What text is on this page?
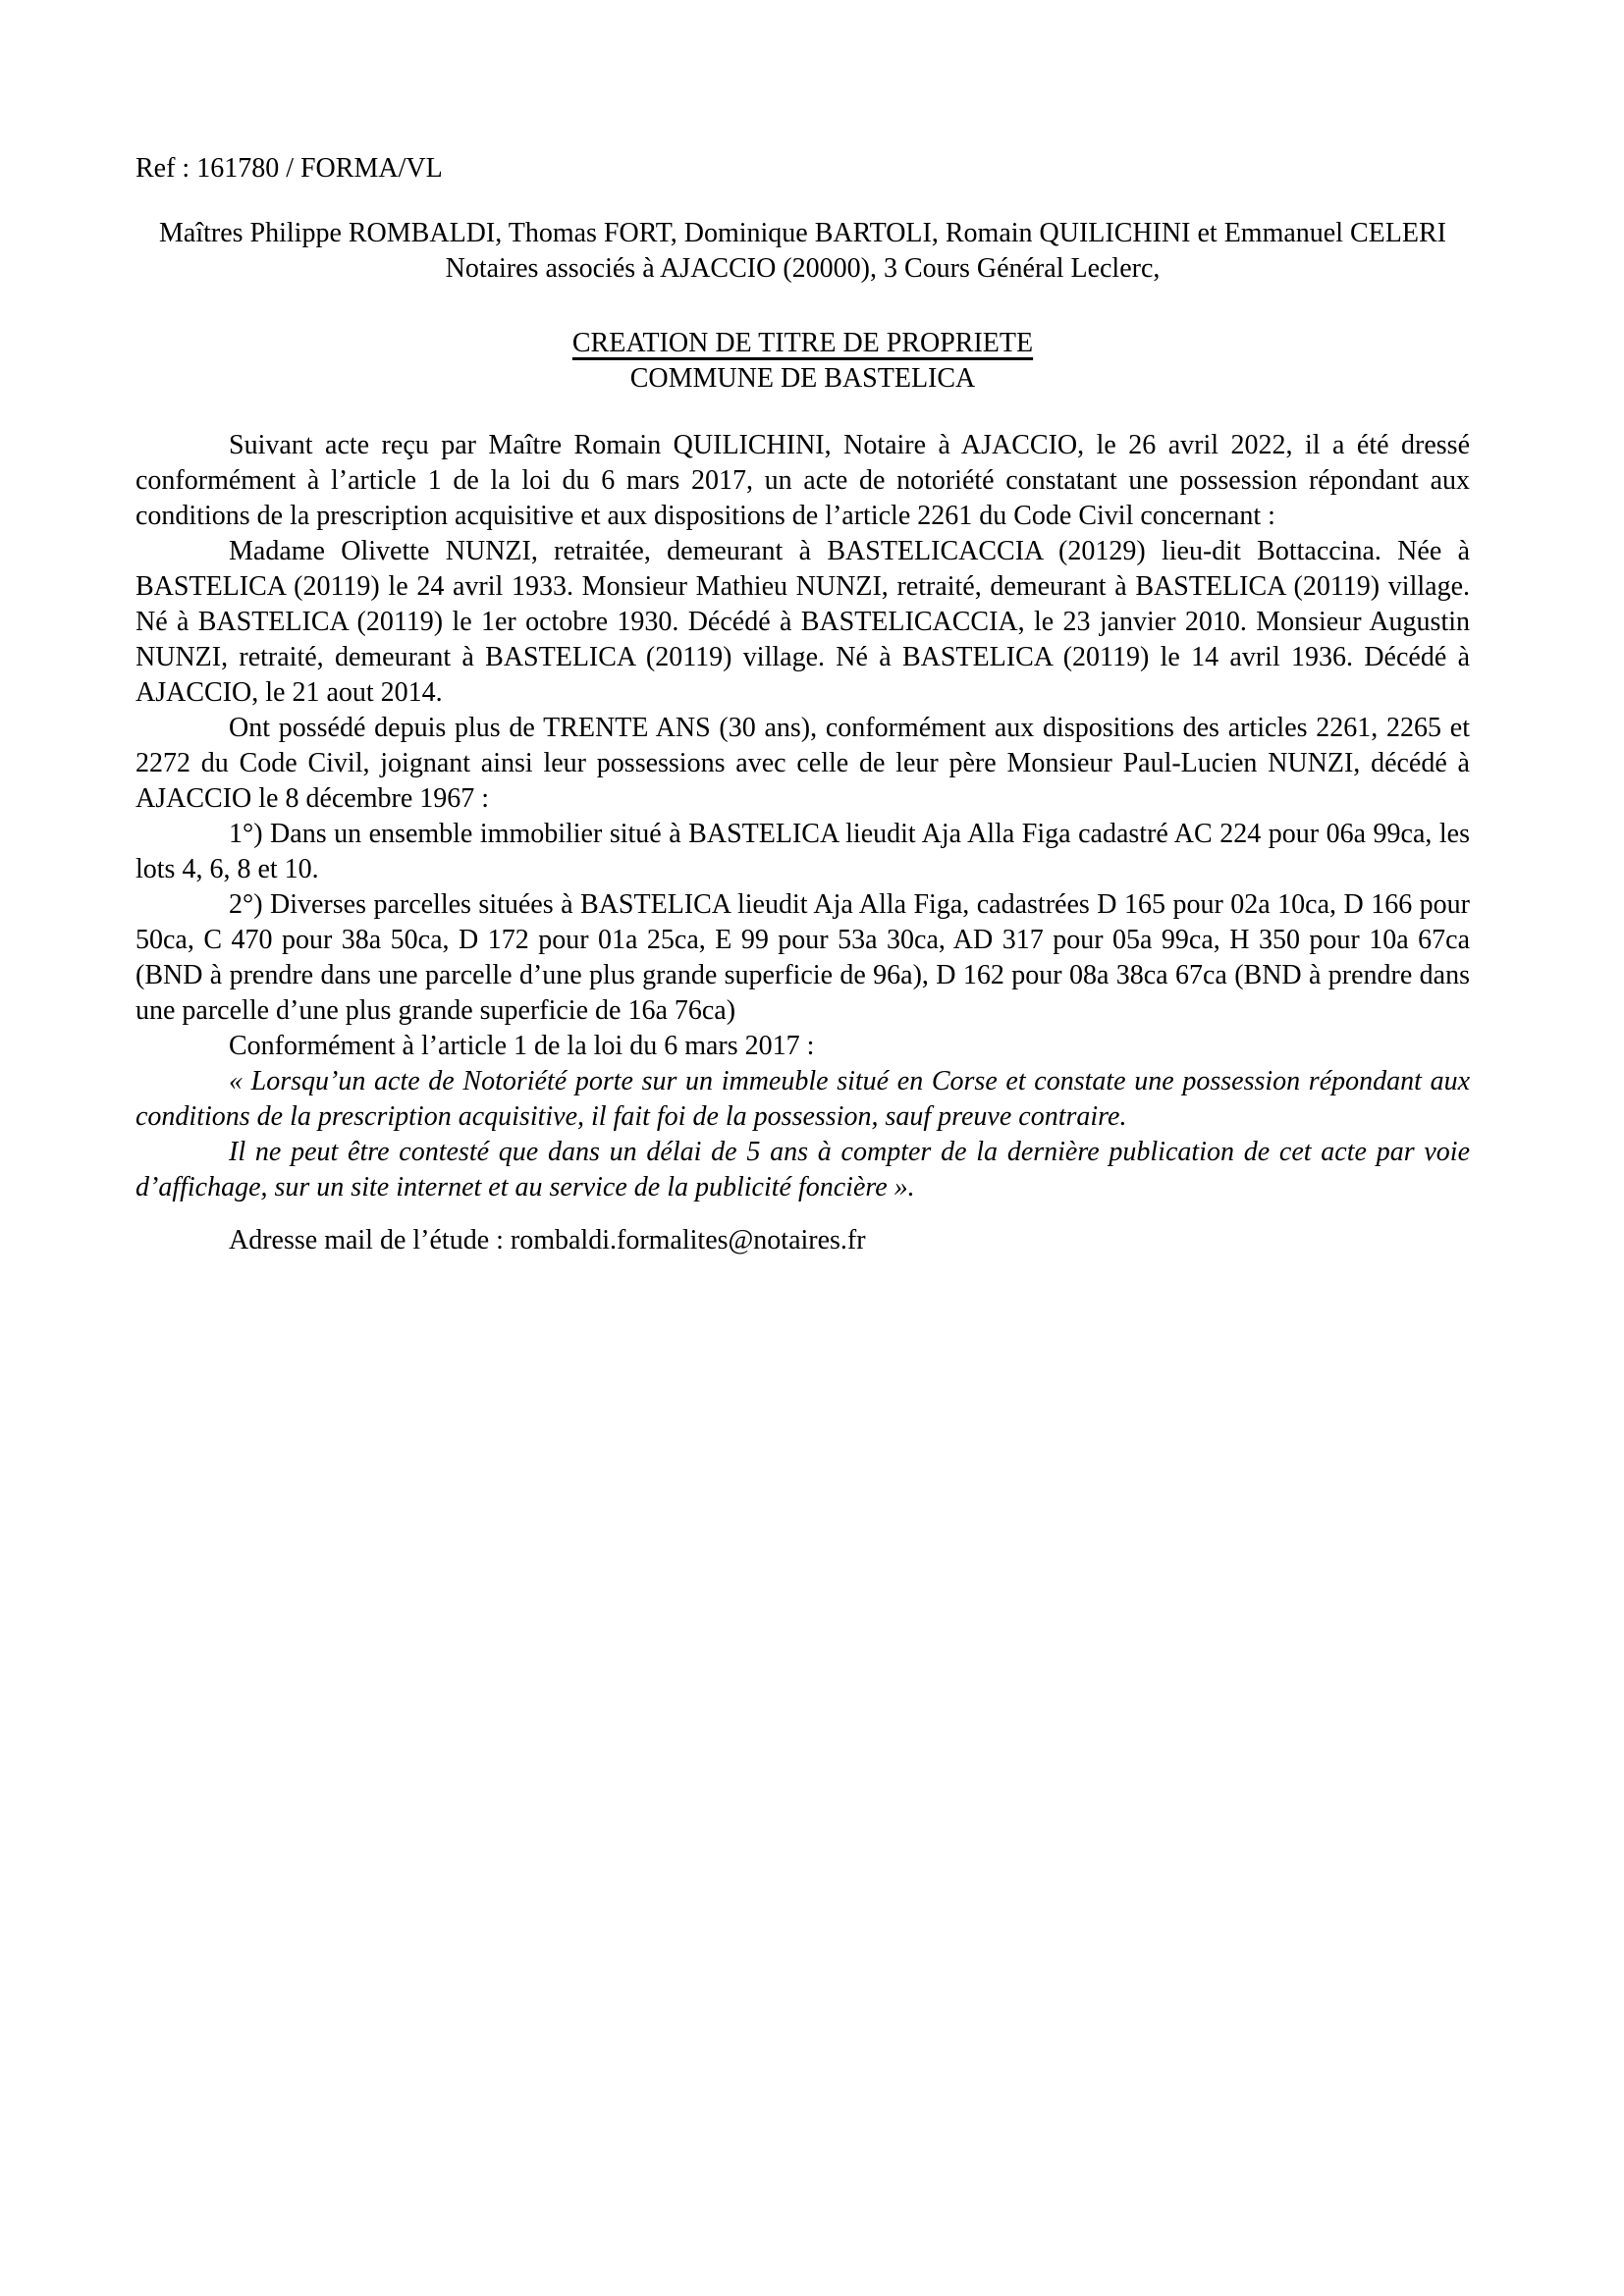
Ref : 161780 / FORMA/VL

Maîtres Philippe ROMBALDI, Thomas FORT, Dominique BARTOLI, Romain QUILICHINI et Emmanuel CELERI

Notaires associés à AJACCIO (20000), 3 Cours Général Leclerc,

CREATION DE TITRE DE PROPRIETE

COMMUNE DE BASTELICA

Suivant acte reçu par Maître Romain QUILICHINI, Notaire à AJACCIO, le 26 avril 2022, il a été dressé conformément à l’article 1 de la loi du 6 mars 2017, un acte de notoriété constatant une possession répondant aux conditions de la prescription acquisitive et aux dispositions de l’article 2261 du Code Civil concernant :

Madame Olivette NUNZI, retraitée, demeurant à BASTELICACCIA (20129) lieu-dit Bottaccina. Née à BASTELICA (20119) le 24 avril 1933. Monsieur Mathieu NUNZI, retraité, demeurant à BASTELICA (20119) village. Né à BASTELICA (20119) le 1er octobre 1930. Décédé à BASTELICACCIA, le 23 janvier 2010. Monsieur Augustin NUNZI, retraité, demeurant à BASTELICA (20119) village. Né à BASTELICA (20119) le 14 avril 1936. Décédé à AJACCIO, le 21 aout 2014.

Ont possédé depuis plus de TRENTE ANS (30 ans), conformément aux dispositions des articles 2261, 2265 et 2272 du Code Civil, joignant ainsi leur possessions avec celle de leur père Monsieur Paul-Lucien NUNZI, décédé à AJACCIO le 8 décembre 1967 :

1°) Dans un ensemble immobilier situé à BASTELICA lieudit Aja Alla Figa cadastré AC 224 pour 06a 99ca, les lots 4, 6, 8 et 10.

2°) Diverses parcelles situées à BASTELICA lieudit Aja Alla Figa, cadastrées D 165 pour 02a 10ca, D 166 pour 50ca, C 470 pour 38a 50ca, D 172 pour 01a 25ca, E 99 pour 53a 30ca, AD 317 pour 05a 99ca, H 350 pour 10a 67ca (BND à prendre dans une parcelle d’une plus grande superficie de 96a), D 162 pour 08a 38ca 67ca (BND à prendre dans une parcelle d’une plus grande superficie de 16a 76ca)

Conformément à l’article 1 de la loi du 6 mars 2017 :

« Lorsqu’un acte de Notoriété porte sur un immeuble situé en Corse et constate une possession répondant aux conditions de la prescription acquisitive, il fait foi de la possession, sauf preuve contraire.

Il ne peut être contesté que dans un délai de 5 ans à compter de la dernière publication de cet acte par voie d’affichage, sur un site internet et au service de la publicité foncière ».

Adresse mail de l’étude : rombaldi.formalites@notaires.fr
